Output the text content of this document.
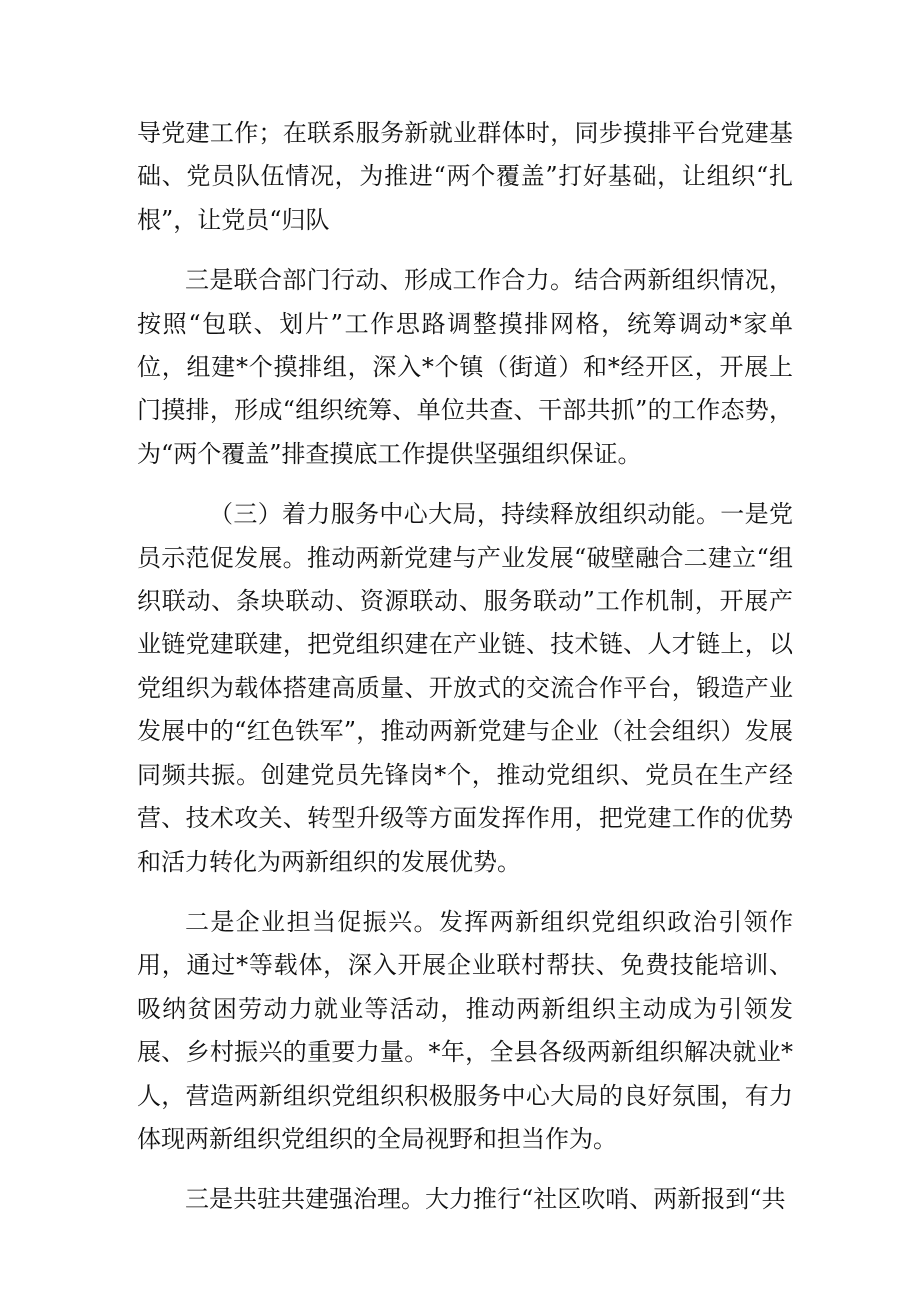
导党建工作；在联系服务新就业群体时，同步摸排平台党建基础、党员队伍情况，为推进“两个覆盖”打好基础，让组织“扎根”，让党员“归队

三是联合部门行动、形成工作合力。结合两新组织情况，按照“包联、划片”工作思路调整摸排网格，统筹调动*家单位，组建*个摸排组，深入*个镇（街道）和*经开区，开展上门摸排，形成“组织统筹、单位共查、干部共抓”的工作态势，为“两个覆盖”排查摸底工作提供坚强组织保证。

（三）着力服务中心大局，持续释放组织动能。一是党员示范促发展。推动两新党建与产业发展“破壁融合二建立“组织联动、条块联动、资源联动、服务联动”工作机制，开展产业链党建联建，把党组织建在产业链、技术链、人才链上，以党组织为载体搭建高质量、开放式的交流合作平台，锻造产业发展中的“红色铁军”，推动两新党建与企业（社会组织）发展同频共振。创建党员先锋岗*个，推动党组织、党员在生产经营、技术攻关、转型升级等方面发挥作用，把党建工作的优势和活力转化为两新组织的发展优势。

二是企业担当促振兴。发挥两新组织党组织政治引领作用，通过*等载体，深入开展企业联村帮扶、免费技能培训、吸纳贫困劳动力就业等活动，推动两新组织主动成为引领发展、乡村振兴的重要力量。*年，全县各级两新组织解决就业*人，营造两新组织党组织积极服务中心大局的良好氛围，有力体现两新组织党组织的全局视野和担当作为。

三是共驻共建强治理。大力推行“社区吹哨、两新报到“共
